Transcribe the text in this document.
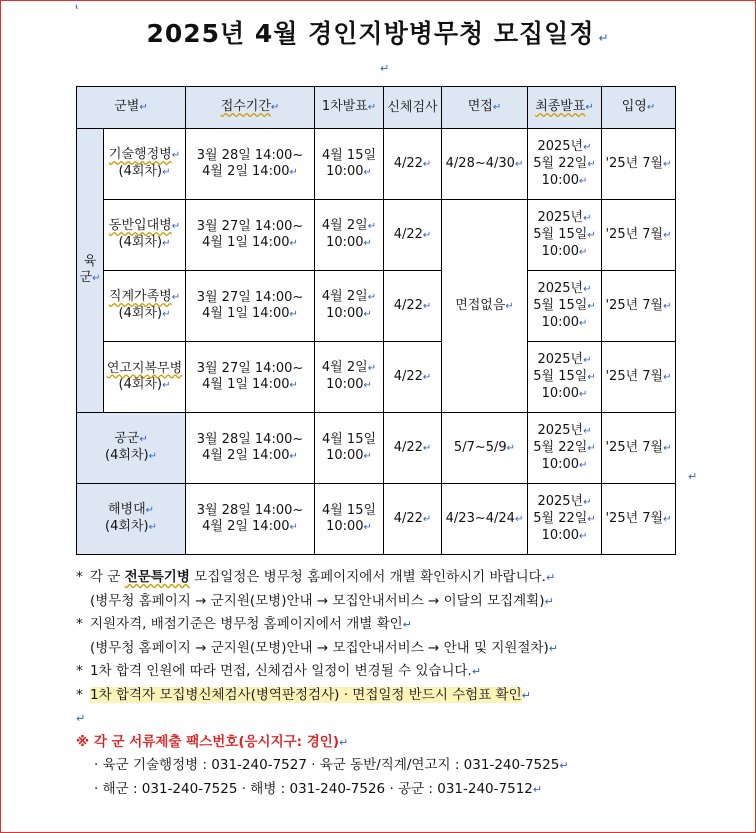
⸤
2025년 4월 경인지방병무청 모집일정 ↵
↵
군별↵		접수기간↵	1차발표↵	신체검사	면접↵	최종발표↵	입영↵
육
군↵	기술행정병↵
(4회차)↵	3월 28일 14:00~
4월 2일 14:00↵	4월 15일
10:00↵	4/22↵	4/28~4/30↵	2025년↵
5월 22일↵
10:00↵	'25년 7월↵
	동반입대병↵
(4회차)↵	3월 27일 14:00~
4월 1일 14:00↵	4월 2일↵
10:00↵	4/22↵	면접없음↵	2025년↵
5월 15일↵
10:00↵	'25년 7월↵
	직계가족병↵
(4회차)↵	3월 27일 14:00~
4월 1일 14:00↵	4월 2일↵
10:00↵	4/22↵		2025년↵
5월 15일↵
10:00↵	'25년 7월↵
	연고지복무병
(4회차)↵	3월 27일 14:00~
4월 1일 14:00↵	4월 2일↵
10:00↵	4/22↵		2025년↵
5월 15일↵
10:00↵	'25년 7월↵
공군↵
(4회차)↵		3월 28일 14:00~
4월 2일 14:00↵	4월 15일
10:00↵	4/22↵	5/7~5/9↵	2025년↵
5월 22일↵
10:00↵	'25년 7월↵
해병대↵
(4회차)↵		3월 28일 14:00~
4월 2일 14:00↵	4월 15일
10:00↵	4/22↵	4/23~4/24↵	2025년↵
5월 22일↵
10:00↵	'25년 7월↵
↵
* 각 군 전문특기병 모집일정은 병무청 홈페이지에서 개별 확인하시기 바랍니다.↵
(병무청 홈페이지 → 군지원(모병)안내 → 모집안내서비스 → 이달의 모집계획)↵
* 지원자격, 배점기준은 병무청 홈페이지에서 개별 확인↵
(병무청 홈페이지 → 군지원(모병)안내 → 모집안내서비스 → 안내 및 지원절차)↵
* 1차 합격 인원에 따라 면접, 신체검사 일정이 변경될 수 있습니다.↵
* 1차 합격자 모집병신체검사(병역판정검사) · 면접일정 반드시 수험표 확인↵
↵
※ 각 군 서류제출 팩스번호(응시지구: 경인)↵
· 육군 기술행정병 : 031-240-7527 · 육군 동반/직계/연고지 : 031-240-7525↵
· 해군 : 031-240-7525 · 해병 : 031-240-7526 · 공군 : 031-240-7512↵
